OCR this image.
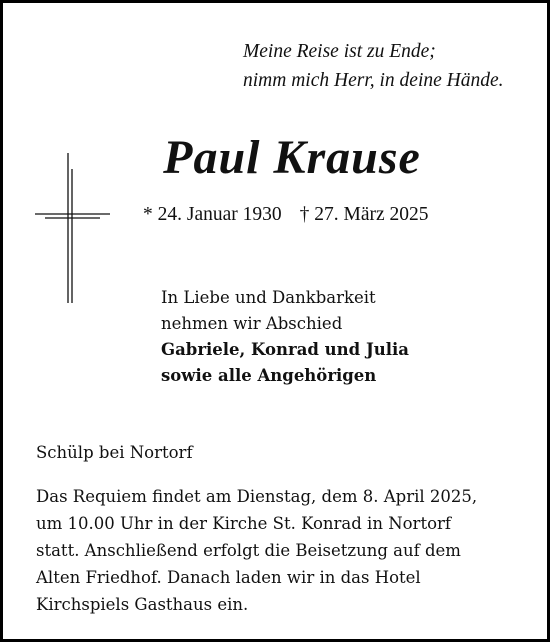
Meine Reise ist zu Ende;
nimm mich Herr, in deine Hände.
Paul Krause
* 24. Januar 1930 † 27. März 2025
In Liebe und Dankbarkeit
nehmen wir Abschied
Gabriele, Konrad und Julia
sowie alle Angehörigen
Schülp bei Nortorf
Das Requiem findet am Dienstag, dem 8. April 2025,
um 10.00 Uhr in der Kirche St. Konrad in Nortorf
statt. Anschließend erfolgt die Beisetzung auf dem
Alten Friedhof. Danach laden wir in das Hotel
Kirchspiels Gasthaus ein.
